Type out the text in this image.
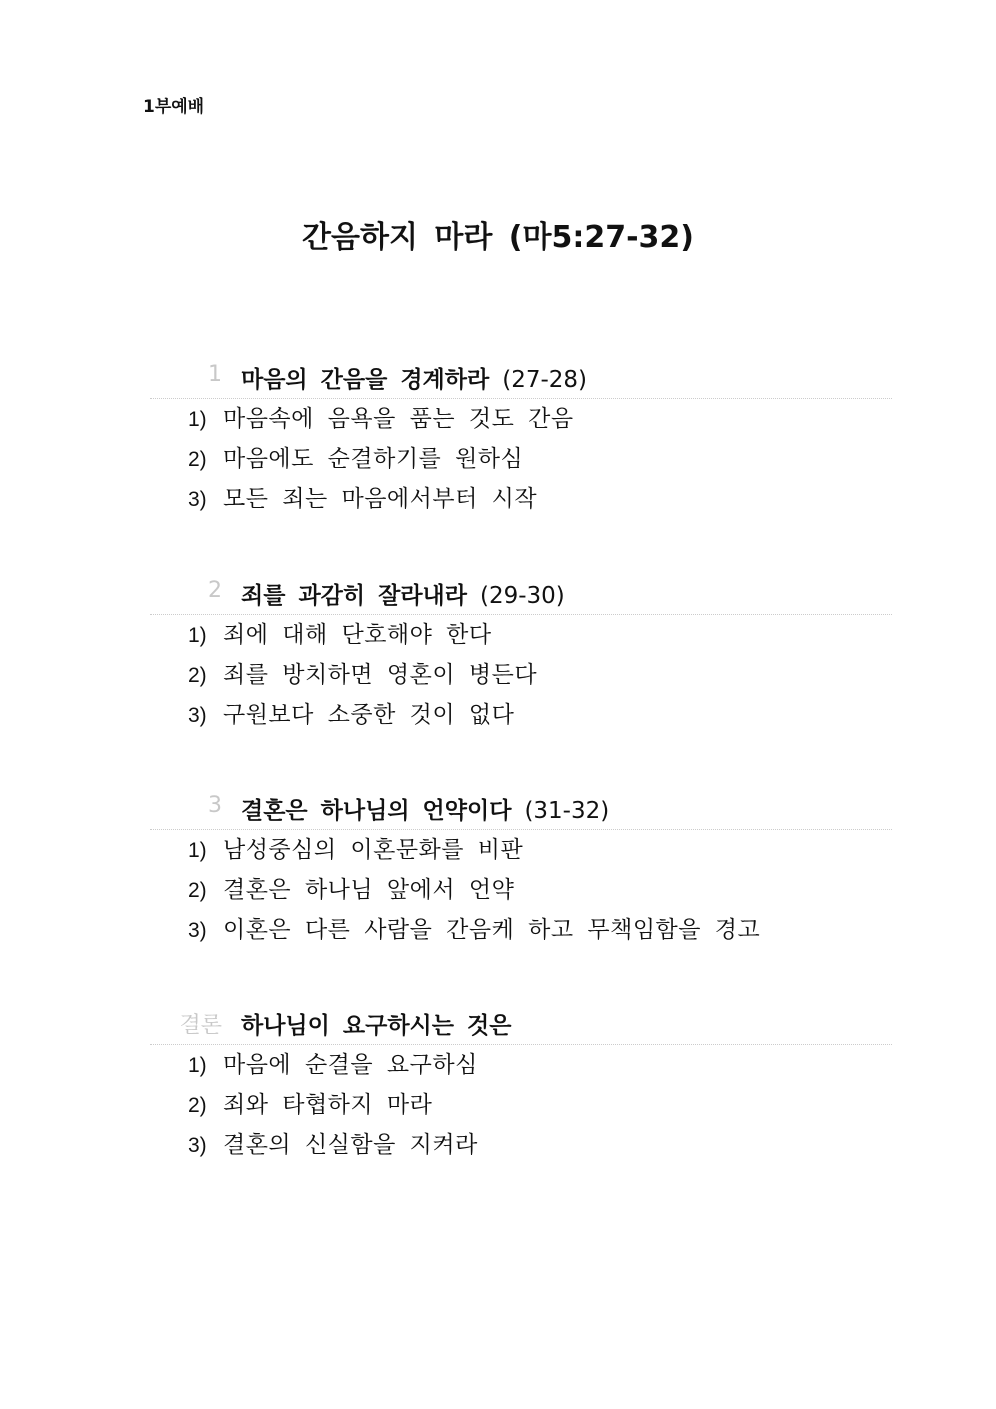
1부예배
간음하지 마라 (마5:27-32)
1 마음의 간음을 경계하라 (27-28)
1) 마음속에 음욕을 품는 것도 간음
2) 마음에도 순결하기를 원하심
3) 모든 죄는 마음에서부터 시작
2 죄를 과감히 잘라내라 (29-30)
1) 죄에 대해 단호해야 한다
2) 죄를 방치하면 영혼이 병든다
3) 구원보다 소중한 것이 없다
3 결혼은 하나님의 언약이다 (31-32)
1) 남성중심의 이혼문화를 비판
2) 결혼은 하나님 앞에서 언약
3) 이혼은 다른 사람을 간음케 하고 무책임함을 경고
결론 하나님이 요구하시는 것은
1) 마음에 순결을 요구하심
2) 죄와 타협하지 마라
3) 결혼의 신실함을 지켜라
